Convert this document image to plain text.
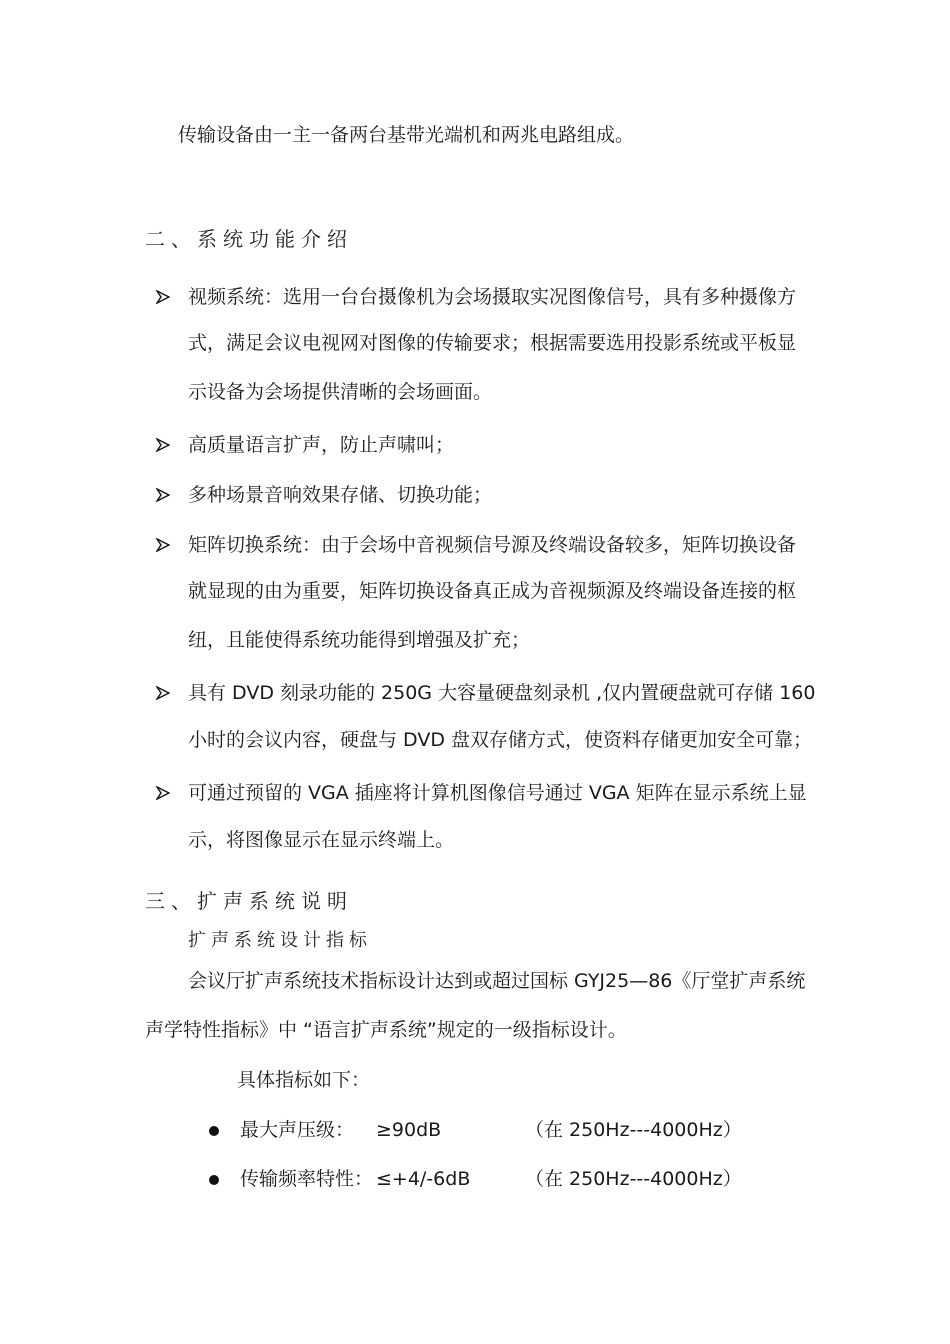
传输设备由一主一备两台基带光端机和两兆电路组成。
二、系统功能介绍
视频系统：选用一台台摄像机为会场摄取实况图像信号，具有多种摄像方
式，满足会议电视网对图像的传输要求；根据需要选用投影系统或平板显
示设备为会场提供清晰的会场画面。
高质量语言扩声，防止声啸叫；
多种场景音响效果存储、切换功能；
矩阵切换系统：由于会场中音视频信号源及终端设备较多，矩阵切换设备
就显现的由为重要，矩阵切换设备真正成为音视频源及终端设备连接的枢
纽，且能使得系统功能得到增强及扩充；
具有 DVD 刻录功能的 250G 大容量硬盘刻录机 ,仅内置硬盘就可存储 160
小时的会议内容，硬盘与 DVD 盘双存储方式，使资料存储更加安全可靠；
可通过预留的 VGA 插座将计算机图像信号通过 VGA 矩阵在显示系统上显
示，将图像显示在显示终端上。
三、扩声系统说明
扩声系统设计指标
会议厅扩声系统技术指标设计达到或超过国标 GYJ25—86《厅堂扩声系统
声学特性指标》中 “语言扩声系统”规定的一级指标设计。
具体指标如下：
最大声压级： ≥90dB	（在 250Hz---4000Hz）
传输频率特性： ≤+4/-6dB	（在 250Hz---4000Hz）
